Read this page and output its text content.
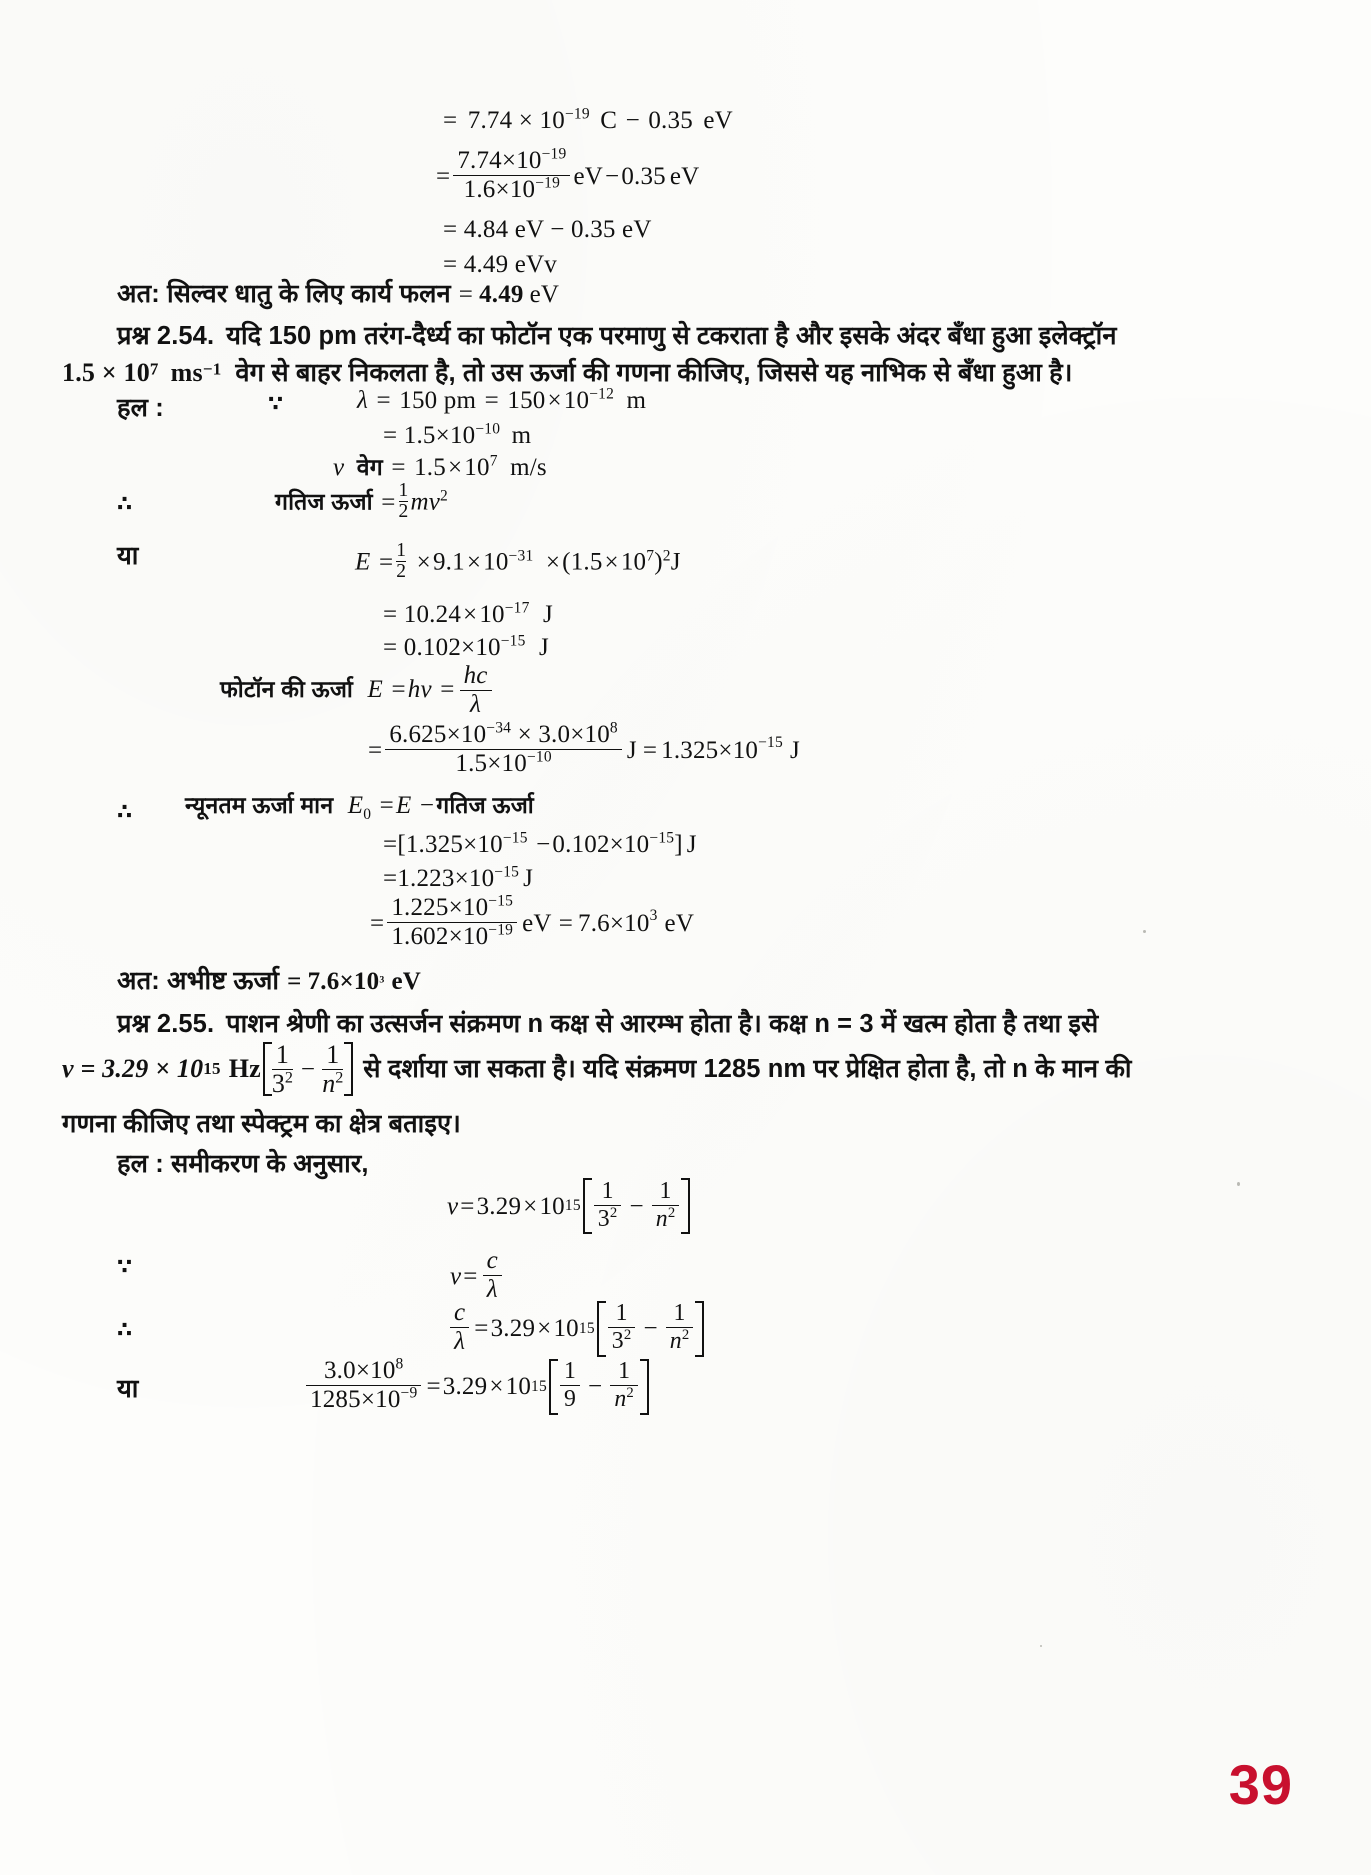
= $7.74 \times 10^{-19}$ C − 0.35 eV
= $\frac{7.74\times 10^{-19}}{1.6\times 10^{-19}} eV-0.35$ eV
= 4.84 eV − 0.35 eV
= 4.49 eVv
अत: सिल्वर धातु के लिए कार्य फलन = 4.49 eV
प्रश्न 2.54. यदि 150 pm तरंग-दैर्ध्य का फोटॉन एक परमाणु से टकराता है और इसके अंदर बँधा हुआ इलेक्ट्रॉन
1.5 × 107 ms−1 वेग से बाहर निकलता है, तो उस ऊर्जा की गणना कीजिए, जिससे यह नाभिक से बँधा हुआ है।
हल :	∵	λ = 150 pm = $150\times 10^{-12}$ m
= $1.5\times 10^{-10}$ m
v वेग = $1.5\times 10^7$ m/s
∴	गतिज ऊर्जा = $\frac{1}{2} mv^2$
या	$E = \frac{1}{2} \times 9.1\times 10^{-31} \times(1.5\times 10^7)^2J$
= $10.24\times 10^{-17}$ J
= $0.102\times 10^{-15}$ J
फोटॉन की ऊर्जा $E =hv = \frac{hc}{\lambda}$
= $\frac{6.625\times 10^{-34} \times 3.0\times 10^8}{1.5\times 10^{-10}}$ $J = 1.325\times 10^{-15}$ J
∴ न्यूनतम ऊर्जा मान $E_0 =E$ −गतिज ऊर्जा
$=[1.325\times 10^{-15} -0.102\times 10^{-15}]$ J
$=1.223\times 10^{-15}$ J
= $\frac{1.225\times 10^{-15}}{1.602\times 10^{-19}}$ eV = $7.6\times 10^3$ eV
अत: अभीष्ट ऊर्जा = $7.6\times 10^3$ eV
प्रश्न 2.55. पाशन श्रेणी का उत्सर्जन संक्रमण n कक्ष से आरम्भ होता है। कक्ष n = 3 में खत्म होता है तथा इसे
v = 3.29 × 10 15 Hz $\frac{1}{3^2} - \frac{1}{n^2}$ से दर्शाया जा सकता है। यदि संक्रमण 1285 nm पर प्रेक्षित होता है, तो n के मान की
गणना कीजिए तथा स्पेक्ट्रम का क्षेत्र बताइए।
हल : समीकरण के अनुसार,
v = 3.29 × 10 $15 \frac{1}{3^2} - \frac{1}{n^2}$
∵	$v= \frac{c}{\lambda}$
∴	$\frac{c}{\lambda} = 3.29 \times 10$ $15 \frac{1}{3^2} - \frac{1}{n^2}$
या	$\frac{3.0\times 10^8}{1285\times 10^{-9}} = 3.29 \times 10$ $15 \frac{1}{9} - \frac{1}{n^2}$
39
